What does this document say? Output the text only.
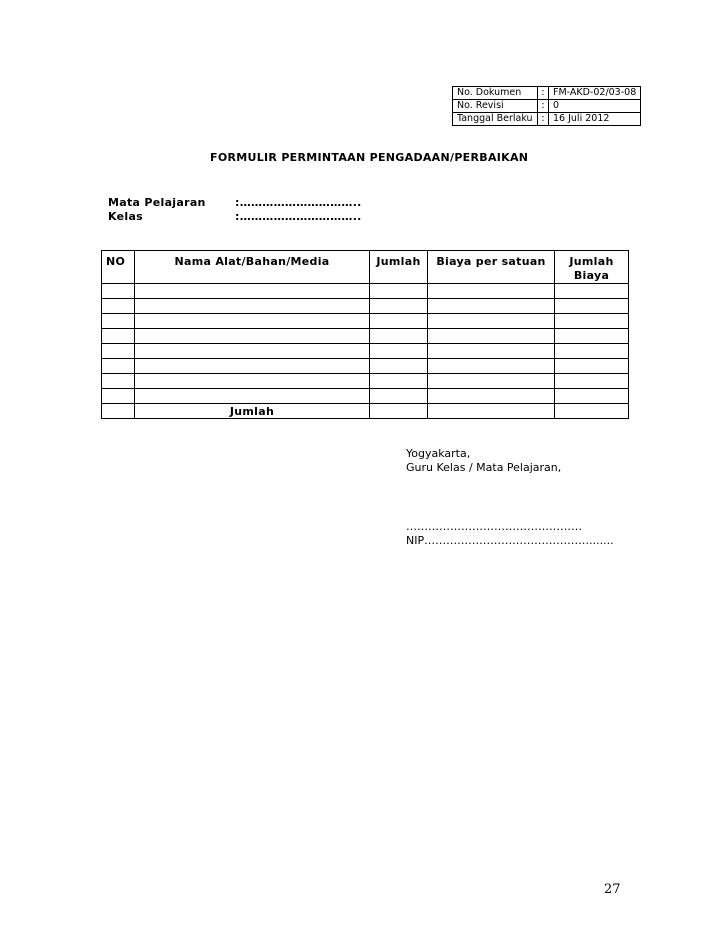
No. Dokumen	:	FM-AKD-02/03-08
No. Revisi	:	0
Tanggal Berlaku	:	16 Juli 2012
FORMULIR PERMINTAAN PENGADAAN/PERBAIKAN
Mata Pelajaran	:…………………………..
Kelas	:…………………………..
NO	Nama Alat/Bahan/Media	Jumlah	Biaya per satuan	Jumlah Biaya

	Jumlah			
Yogyakarta,
Guru Kelas / Mata Pelajaran,
…………………………………………
NIP……………………………………….......
27
